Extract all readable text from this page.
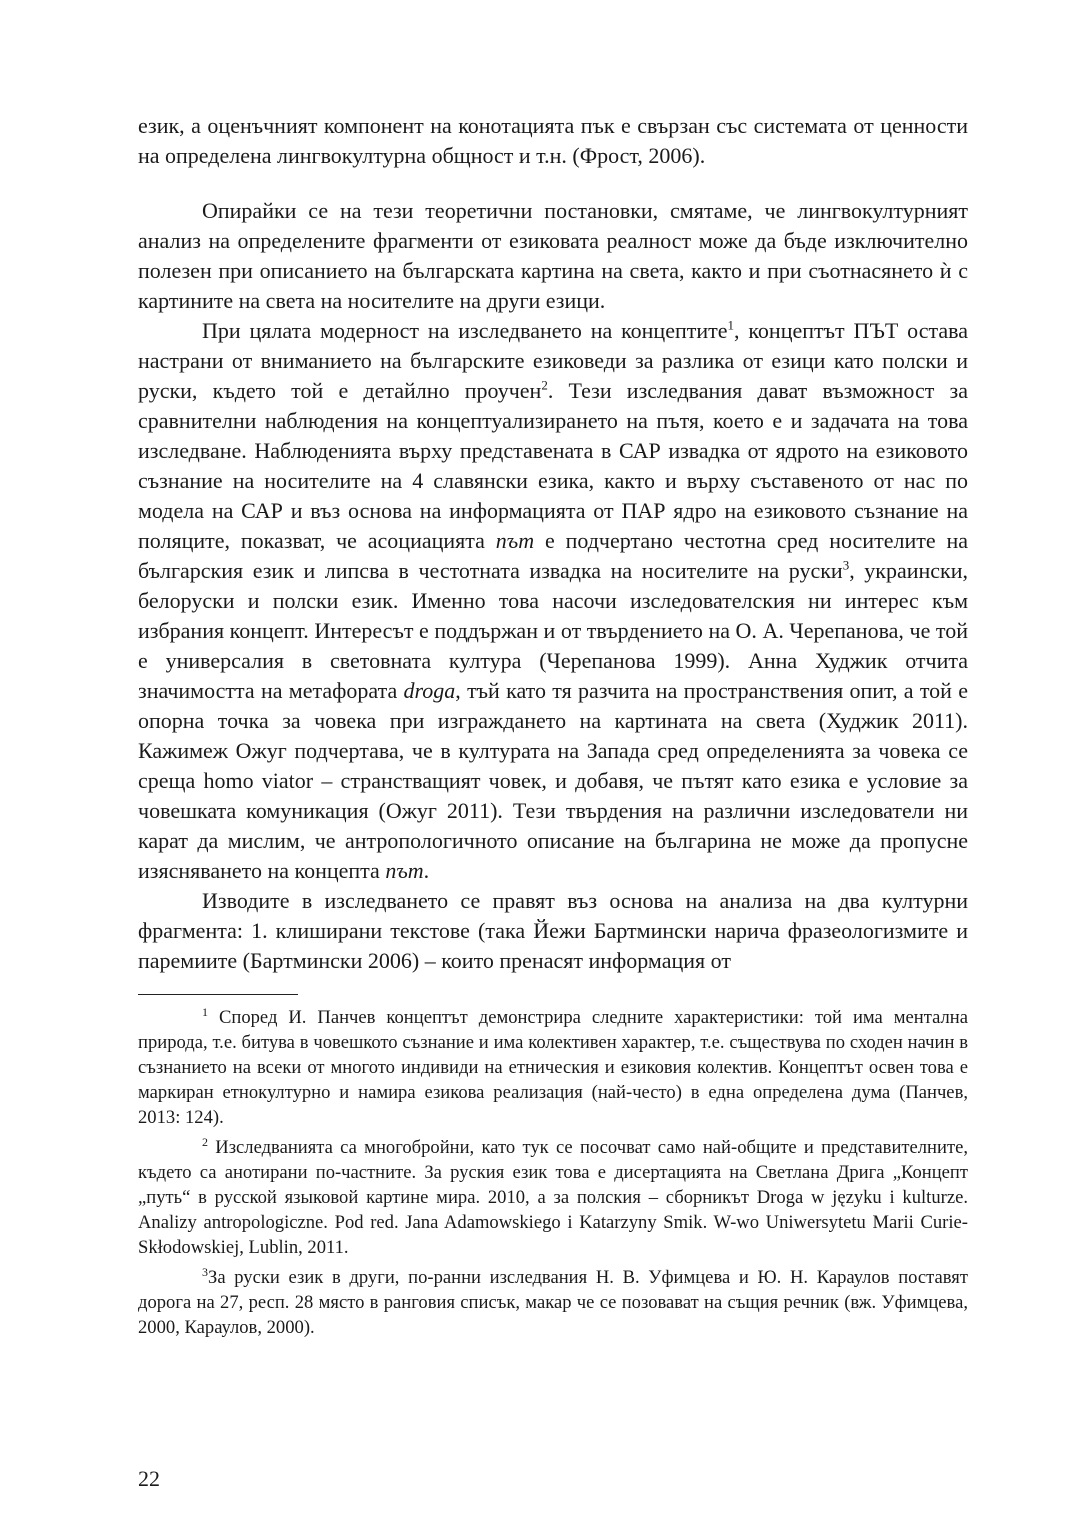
език, а оценъчният компонент на конотацията пък е свързан със системата от ценности на определена лингвокултурна общност и т.н. (Фрост, 2006).

Опирайки се на тези теоретични постановки, смятаме, че лингвокултурният анализ на определените фрагменти от езиковата реалност може да бъде изключително полезен при описанието на българската картина на света, както и при съотнасянето ѝ с картините на света на носителите на други езици.

При цялата модерност на изследването на концептите$^1$, концептът ПЪТ остава настрани от вниманието на българските езиковеди за разлика от езици като полски и руски, където той е детайлно проучен$^2$. Тези изследвания дават възможност за сравнителни наблюдения на концептуализирането на пътя, което е и задачата на това изследване. Наблюденията върху представената в САР извадка от ядрото на езиковото съзнание на носителите на 4 славянски езика, както и върху съставеното от нас по модела на САР и въз основа на информацията от ПАР ядро на езиковото съзнание на поляците, показват, че асоциацията път е подчертано честотна сред носителите на българския език и липсва в честотната извадка на носителите на руски$^3$, украински, белоруски и полски език. Именно това насочи изследователския ни интерес към избрания концепт. Интересът е поддържан и от твърдението на О. А. Черепанова, че той е универсалия в световната култура (Черепанова 1999). Анна Худжик отчита значимостта на метафората droga, тъй като тя разчита на пространствения опит, а той е опорна точка за човека при изграждането на картината на света (Худжик 2011). Кажимеж Ожуг подчертава, че в културата на Запада сред определенията за човека се среща homo viator – странстващият човек, и добавя, че пътят като езика е условие за човешката комуникация (Ожуг 2011). Тези твърдения на различни изследователи ни карат да мислим, че антропологичното описание на българина не може да пропусне изясняването на концепта път.

Изводите в изследването се правят въз основа на анализа на два културни фрагмента: 1. клиширани текстове (така Йежи Бартмински нарича фразеологизмите и паремиите (Бартмински 2006) – които пренасят информация от

$^1$ Според И. Панчев концептът демонстрира следните характеристики: той има ментална природа, т.е. битува в човешкото съзнание и има колективен характер, т.е. съществува по сходен начин в съзнанието на всеки от многото индивиди на етническия и езиковия колектив. Концептът освен това е маркиран етнокултурно и намира езикова реализация (най-често) в една определена дума (Панчев, 2013: 124).

$^2$ Изследванията са многобройни, като тук се посочват само най-общите и представителните, където са анотирани по-частните. За руския език това е дисертацията на Светлана Дрига „Концепт „путь“ в русской языковой картине мира. 2010, а за полския – сборникът Droga w języku i kulturze. Analizy antropologiczne. Pod red. Jana Adamowskiego i Katarzyny Smik. W-wo Uniwersytetu Marii Curie-Skłodowskiej, Lublin, 2011.

$^3$За руски език в други, по-ранни изследвания Н. В. Уфимцева и Ю. Н. Караулов поставят дорога на 27, респ. 28 място в ранговия списък, макар че се позовават на същия речник (вж. Уфимцева, 2000, Караулов, 2000).

22
